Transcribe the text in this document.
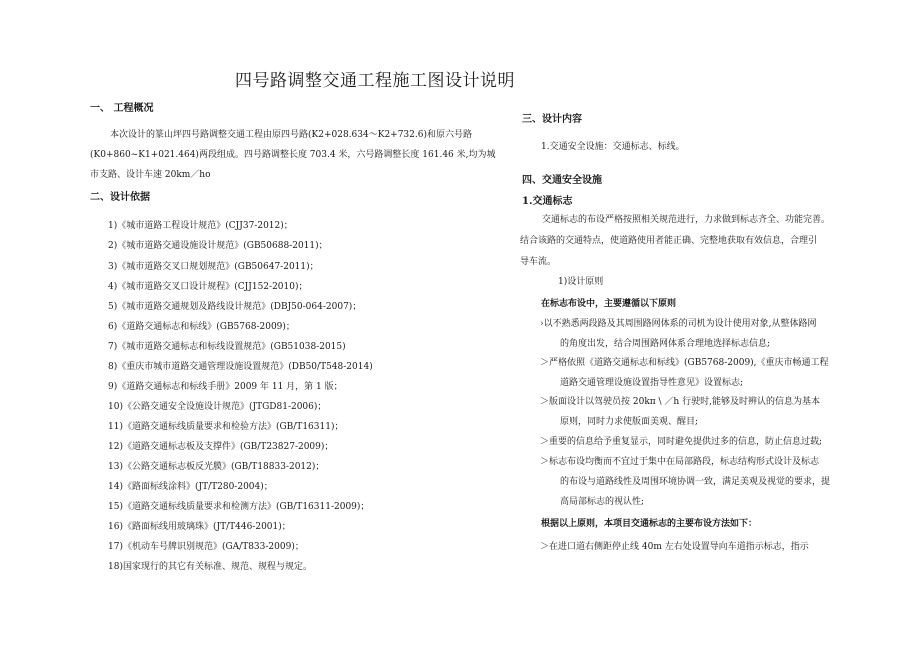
四号路调整交通工程施工图设计说明
一、 工程概况
本次设计的篆山坪四号路调整交通工程由原四号路(K2+028.634～K2+732.6)和原六号路
(K0+860~K1+021.464)两段组成。四号路调整长度 703.4 米，六号路调整长度 161.46 米,均为城
市支路、设计车速 20km／ho
二、设计依据
1)《城市道路工程设计规范》(CJJ37-2012)；
2)《城市道路交通设施设计规范》(GB50688-2011)；
3)《城市道路交叉口规划规范》(GB50647-2011)；
4)《城市道路交叉口设计规程》(CJJ152-2010)；
5)《城市道路交通规划及路线设计规范》(DBJ50-064-2007)；
6)《道路交通标志和标线》(GB5768-2009)；
7)《城市道路交通标志和标线设置规范》(GB51038-2015)
8)《重庆市城市道路交通管理设施设置规范》(DB50/T548-2014)
9)《道路交通标志和标线手册》2009 年 11 月，第 1 版；
10)《公路交通安全设施设计规范》(JTGD81-2006)；
11)《道路交通标线质量要求和检验方法》(GB/T16311)；
12)《道路交通标志板及支撑件》(GB/T23827-2009)；
13)《公路交通标志板反光膜》(GB/T18833-2012)；
14)《路面标线涂料》(JT/T280-2004)；
15)《道路交通标线质量要求和检测方法》(GB/T16311-2009)；
16)《路面标线用玻璃珠》(JT/T446-2001)；
17)《机动车号牌识别规范》(GA/T833-2009)；
18)国家现行的其它有关标准、规范、规程与规定。
三、设计内容
1.交通安全设施：交通标志、标线。
四、交通安全设施
1.交通标志
交通标志的布设严格按照相关规范进行，力求做到标志齐全、功能完善。
结合该路的交通特点，使道路使用者能正确、完整地获取有效信息，合理引
导车流。
1)设计原则
在标志布设中，主要遵循以下原则
›以不熟悉两段路及其周围路网体系的司机为设计使用对象,从整体路网
的角度出发，结合周围路网体系合理地选择标志信息;
＞严格依照《道路交通标志和标线》(GB5768-2009),《重庆市畅通工程
道路交通管理设施设置指导性意见》设置标志;
＞版面设计以驾驶员按 20kπ \ ／h 行驶时,能够及时辨认的信息为基本
原则，同时力求使版面美观、醒目;
＞重要的信息给予重复显示，同时避免提供过多的信息，防止信息过载;
＞标志布设均衡而不宜过于集中在局部路段，标志结构形式设计及标志
的布设与道路线性及周围环境协调一致，满足美观及视觉的要求，提
高局部标志的视认性;
根据以上原则，本项目交通标志的主要布设方法如下：
＞在进口道右侧距停止线 40m 左右处设置导向车道指示标志，指示
